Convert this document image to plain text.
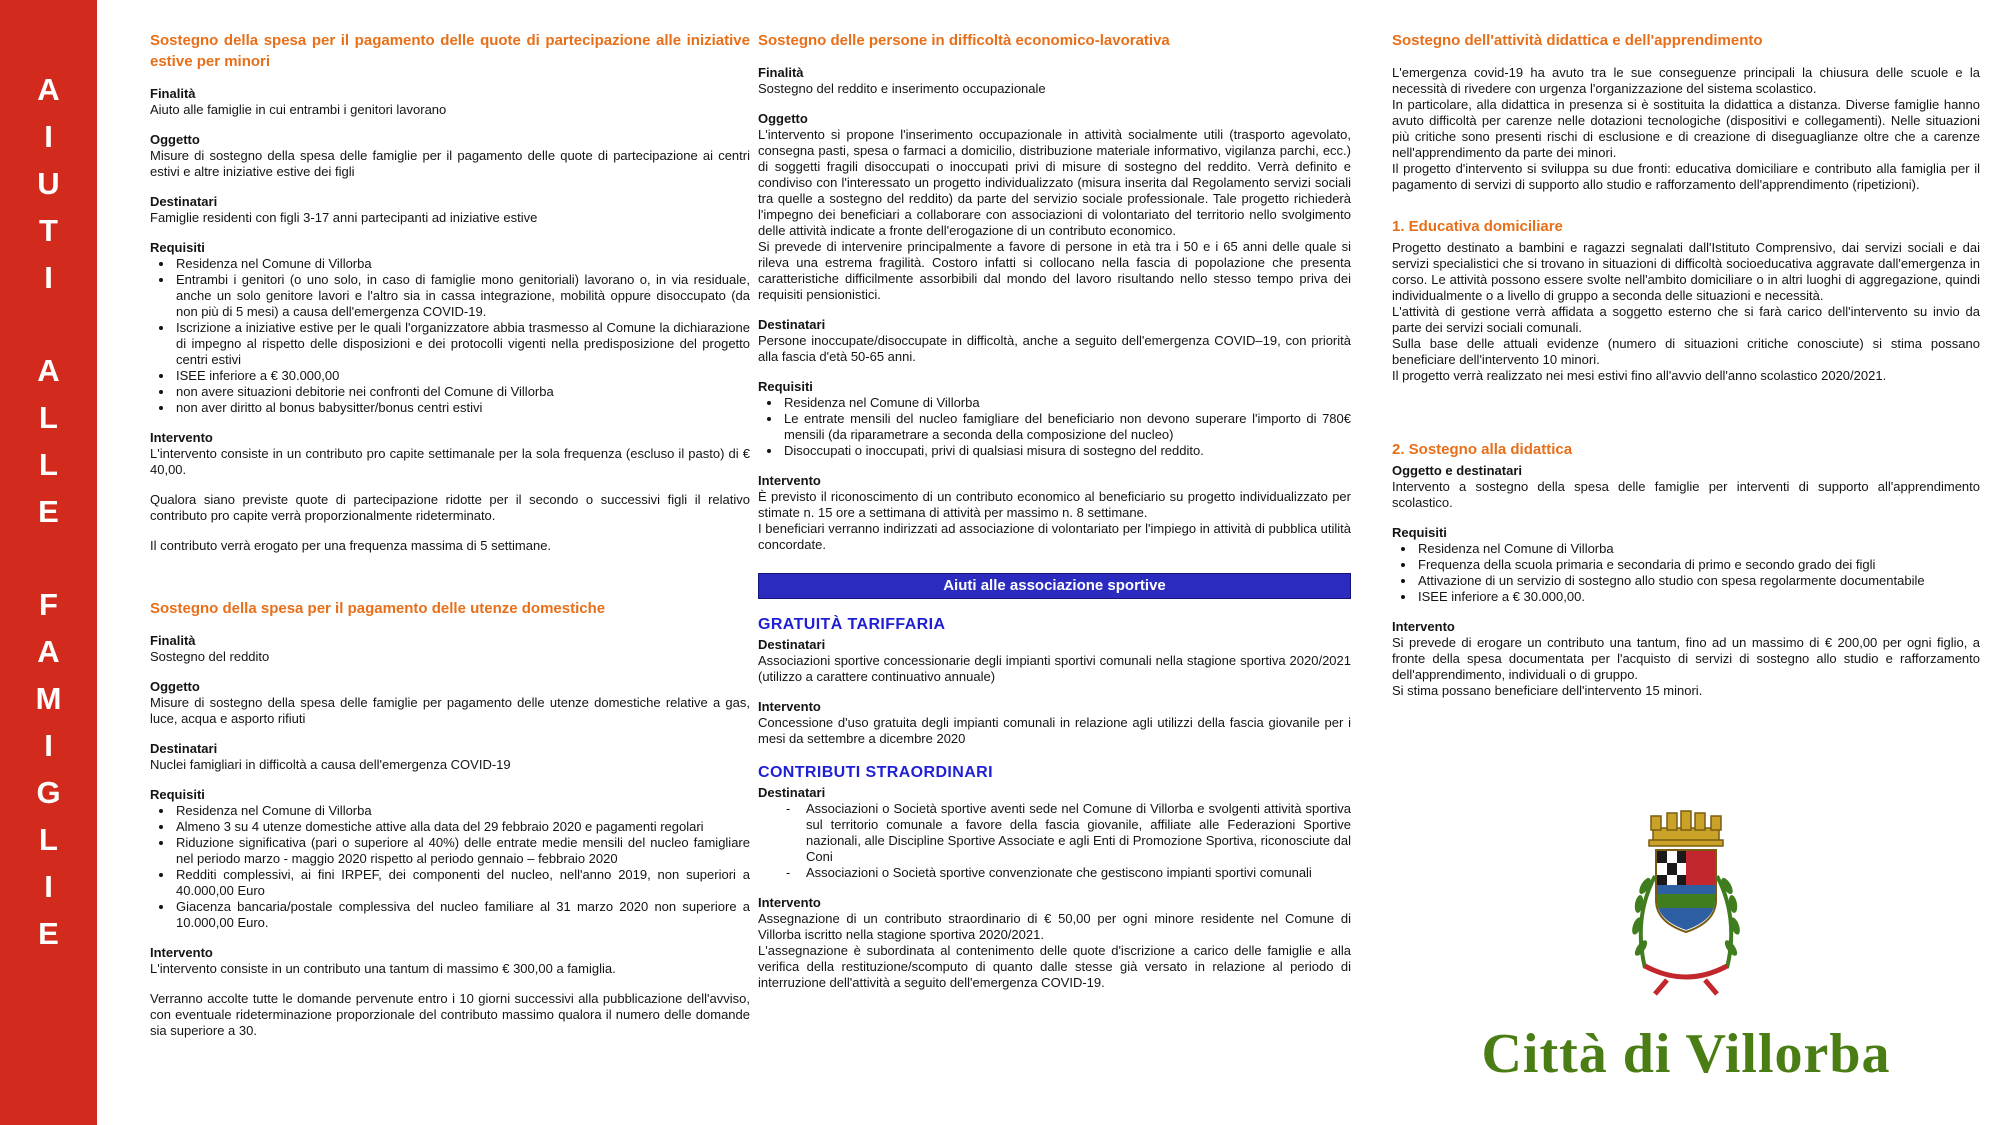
A
I
U
T
I
A
L
L
E
F
A
M
I
G
L
I
E
Sostegno della spesa per il pagamento delle quote di partecipazione alle iniziative estive per minori
Finalità
Aiuto alle famiglie in cui entrambi i genitori lavorano
Oggetto
Misure di sostegno della spesa delle famiglie per il pagamento delle quote di partecipazione ai centri estivi e altre iniziative estive dei figli
Destinatari
Famiglie residenti con figli 3-17 anni partecipanti ad iniziative estive
Requisiti
• Residenza nel Comune di Villorba
• Entrambi i genitori (o uno solo, in caso di famiglie mono genitoriali) lavorano o, in via residuale, anche un solo genitore lavori e l'altro sia in cassa integrazione, mobilità oppure disoccupato (da non più di 5 mesi) a causa dell'emergenza COVID-19.
• Iscrizione a iniziative estive per le quali l'organizzatore abbia trasmesso al Comune la dichiarazione di impegno al rispetto delle disposizioni e dei protocolli vigenti nella predisposizione del progetto centri estivi
• ISEE inferiore a € 30.000,00
• non avere situazioni debitorie nei confronti del Comune di Villorba
• non aver diritto al bonus babysitter/bonus centri estivi
Intervento
L'intervento consiste in un contributo pro capite settimanale per la sola frequenza (escluso il pasto) di € 40,00.
Qualora siano previste quote di partecipazione ridotte per il secondo o successivi figli il relativo contributo pro capite verrà proporzionalmente rideterminato.
Il contributo verrà erogato per una frequenza massima di 5 settimane.
Sostegno della spesa per il pagamento delle utenze domestiche
Finalità
Sostegno del reddito
Oggetto
Misure di sostegno della spesa delle famiglie per pagamento delle utenze domestiche relative a gas, luce, acqua e asporto rifiuti
Destinatari
Nuclei famigliari in difficoltà a causa dell'emergenza COVID-19
Requisiti
• Residenza nel Comune di Villorba
• Almeno 3 su 4 utenze domestiche attive alla data del 29 febbraio 2020 e pagamenti regolari
• Riduzione significativa (pari o superiore al 40%) delle entrate medie mensili del nucleo famigliare nel periodo marzo - maggio 2020 rispetto al periodo gennaio – febbraio 2020
• Redditi complessivi, ai fini IRPEF, dei componenti del nucleo, nell'anno 2019, non superiori a 40.000,00 Euro
• Giacenza bancaria/postale complessiva del nucleo familiare al 31 marzo 2020 non superiore a 10.000,00 Euro.
Intervento
L'intervento consiste in un contributo una tantum di massimo € 300,00 a famiglia.
Verranno accolte tutte le domande pervenute entro i 10 giorni successivi alla pubblicazione dell'avviso, con eventuale rideterminazione proporzionale del contributo massimo qualora il numero delle domande sia superiore a 30.
Sostegno delle persone in difficoltà economico-lavorativa
Finalità
Sostegno del reddito e inserimento occupazionale
Oggetto
L'intervento si propone l'inserimento occupazionale in attività socialmente utili (trasporto agevolato, consegna pasti, spesa o farmaci a domicilio, distribuzione materiale informativo, vigilanza parchi, ecc.) di soggetti fragili disoccupati o inoccupati privi di misure di sostegno del reddito. Verrà definito e condiviso con l'interessato un progetto individualizzato (misura inserita dal Regolamento servizi sociali tra quelle a sostegno del reddito) da parte del servizio sociale professionale. Tale progetto richiederà l'impegno dei beneficiari a collaborare con associazioni di volontariato del territorio nello svolgimento delle attività indicate a fronte dell'erogazione di un contributo economico.
Si prevede di intervenire principalmente a favore di persone in età tra i 50 e i 65 anni delle quale si rileva una estrema fragilità. Costoro infatti si collocano nella fascia di popolazione che presenta caratteristiche difficilmente assorbibili dal mondo del lavoro risultando nello stesso tempo priva dei requisiti pensionistici.
Destinatari
Persone inoccupate/disoccupate in difficoltà, anche a seguito dell'emergenza COVID–19, con priorità alla fascia d'età 50-65 anni.
Requisiti
• Residenza nel Comune di Villorba
• Le entrate mensili del nucleo famigliare del beneficiario non devono superare l'importo di 780€ mensili (da riparametrare a seconda della composizione del nucleo)
• Disoccupati o inoccupati, privi di qualsiasi misura di sostegno del reddito.
Intervento
È previsto il riconoscimento di un contributo economico al beneficiario su progetto individualizzato per stimate n. 15 ore a settimana di attività per massimo n. 8 settimane.
I beneficiari verranno indirizzati ad associazione di volontariato per l'impiego in attività di pubblica utilità concordate.
Aiuti alle associazione sportive
GRATUITÀ TARIFFARIA
Destinatari
Associazioni sportive concessionarie degli impianti sportivi comunali nella stagione sportiva 2020/2021 (utilizzo a carattere continuativo annuale)
Intervento
Concessione d'uso gratuita degli impianti comunali in relazione agli utilizzi della fascia giovanile per i mesi da settembre a dicembre 2020
CONTRIBUTI STRAORDINARI
Destinatari
-	Associazioni o Società sportive aventi sede nel Comune di Villorba e svolgenti attività sportiva sul territorio comunale a favore della fascia giovanile, affiliate alle Federazioni Sportive nazionali, alle Discipline Sportive Associate e agli Enti di Promozione Sportiva, riconosciute dal Coni
-	Associazioni o Società sportive convenzionate che gestiscono impianti sportivi comunali
Intervento
Assegnazione di un contributo straordinario di € 50,00 per ogni minore residente nel Comune di Villorba iscritto nella stagione sportiva 2020/2021.
L'assegnazione è subordinata al contenimento delle quote d'iscrizione a carico delle famiglie e alla verifica della restituzione/scomputo di quanto dalle stesse già versato in relazione al periodo di interruzione dell'attività a seguito dell'emergenza COVID-19.
Sostegno dell'attività didattica e dell'apprendimento
L'emergenza covid-19 ha avuto tra le sue conseguenze principali la chiusura delle scuole e la necessità di rivedere con urgenza l'organizzazione del sistema scolastico.
In particolare, alla didattica in presenza si è sostituita la didattica a distanza. Diverse famiglie hanno avuto difficoltà per carenze nelle dotazioni tecnologiche (dispositivi e collegamenti). Nelle situazioni più critiche sono presenti rischi di esclusione e di creazione di diseguaglianze oltre che a carenze nell'apprendimento da parte dei minori.
Il progetto d'intervento si sviluppa su due fronti: educativa domiciliare e contributo alla famiglia per il pagamento di servizi di supporto allo studio e rafforzamento dell'apprendimento (ripetizioni).
1. Educativa domiciliare
Progetto destinato a bambini e ragazzi segnalati dall'Istituto Comprensivo, dai servizi sociali e dai servizi specialistici che si trovano in situazioni di difficoltà socioeducativa aggravate dall'emergenza in corso. Le attività possono essere svolte nell'ambito domiciliare o in altri luoghi di aggregazione, quindi individualmente o a livello di gruppo a seconda delle situazioni e necessità.
L'attività di gestione verrà affidata a soggetto esterno che si farà carico dell'intervento su invio da parte dei servizi sociali comunali.
Sulla base delle attuali evidenze (numero di situazioni critiche conosciute) si stima possano beneficiare dell'intervento 10 minori.
Il progetto verrà realizzato nei mesi estivi fino all'avvio dell'anno scolastico 2020/2021.
2. Sostegno alla didattica
Oggetto e destinatari
Intervento a sostegno della spesa delle famiglie per interventi di supporto all'apprendimento scolastico.
Requisiti
• Residenza nel Comune di Villorba
• Frequenza della scuola primaria e secondaria di primo e secondo grado dei figli
• Attivazione di un servizio di sostegno allo studio con spesa regolarmente documentabile
• ISEE inferiore a € 30.000,00.
Intervento
Si prevede di erogare un contributo una tantum, fino ad un massimo di € 200,00 per ogni figlio, a fronte della spesa documentata per l'acquisto di servizi di sostegno allo studio e rafforzamento dell'apprendimento, individuali o di gruppo.
Si stima possano beneficiare dell'intervento 15 minori.
Città di Villorba
